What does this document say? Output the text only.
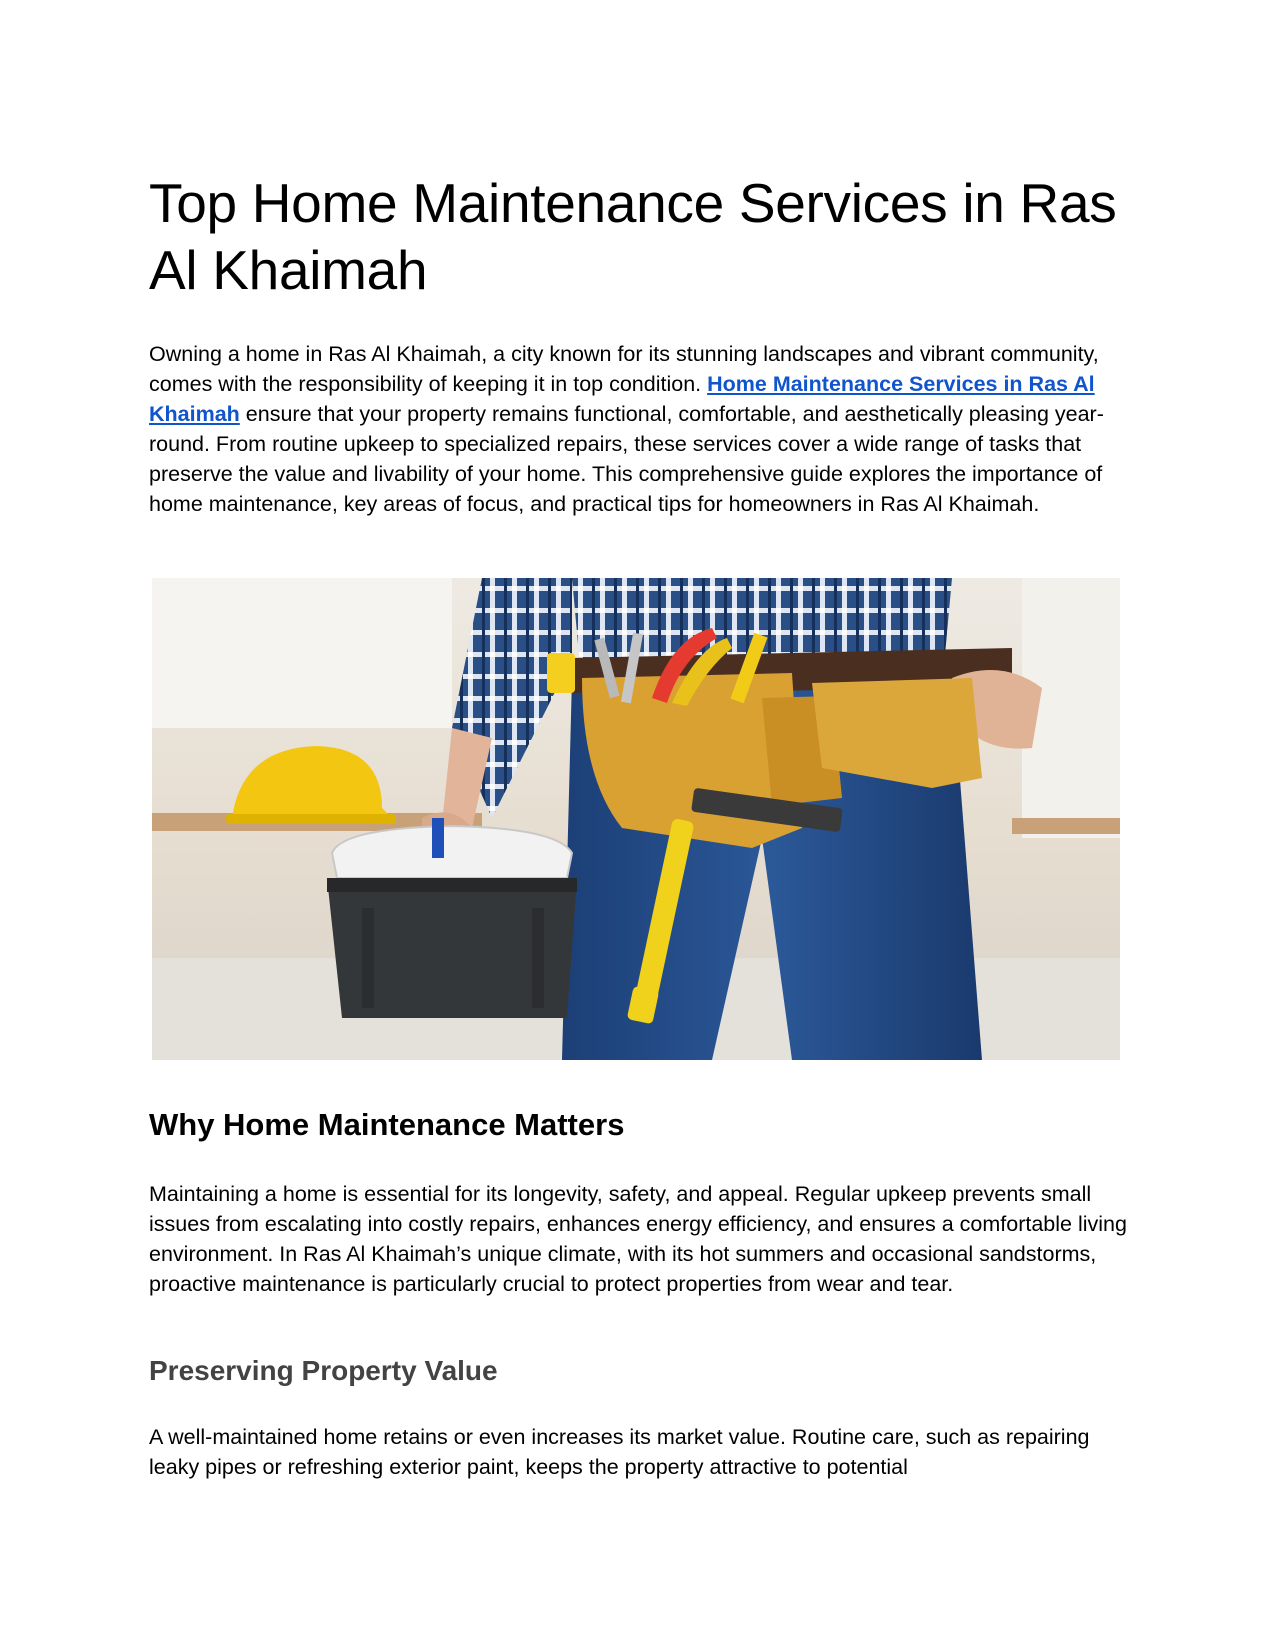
Top Home Maintenance Services in Ras Al Khaimah

Owning a home in Ras Al Khaimah, a city known for its stunning landscapes and vibrant community, comes with the responsibility of keeping it in top condition. Home Maintenance Services in Ras Al Khaimah ensure that your property remains functional, comfortable, and aesthetically pleasing year-round. From routine upkeep to specialized repairs, these services cover a wide range of tasks that preserve the value and livability of your home. This comprehensive guide explores the importance of home maintenance, key areas of focus, and practical tips for homeowners in Ras Al Khaimah.

Why Home Maintenance Matters

Maintaining a home is essential for its longevity, safety, and appeal. Regular upkeep prevents small issues from escalating into costly repairs, enhances energy efficiency, and ensures a comfortable living environment. In Ras Al Khaimah’s unique climate, with its hot summers and occasional sandstorms, proactive maintenance is particularly crucial to protect properties from wear and tear.

Preserving Property Value

A well-maintained home retains or even increases its market value. Routine care, such as repairing leaky pipes or refreshing exterior paint, keeps the property attractive to potential
